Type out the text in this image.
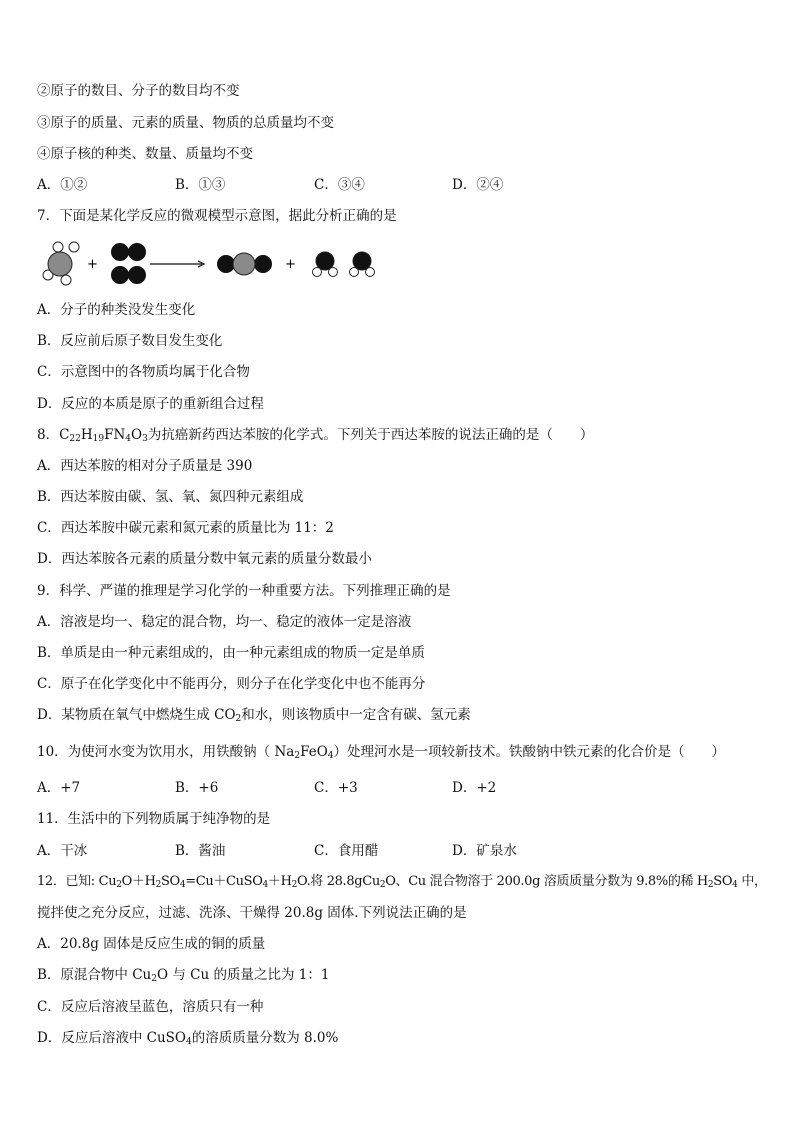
②原子的数目、分子的数目均不变
③原子的质量、元素的质量、物质的总质量均不变
④原子核的种类、数量、质量均不变
A．①②	B．①③	C．③④	D．②④
7．下面是某化学反应的微观模型示意图，据此分析正确的是
+	+
A．分子的种类没发生变化
B．反应前后原子数目发生变化
C．示意图中的各物质均属于化合物
D．反应的本质是原子的重新组合过程
8．$C_{22}H_{19}FN_4O_3$为抗癌新药西达苯胺的化学式。下列关于西达苯胺的说法正确的是（　　）
A．西达苯胺的相对分子质量是 390
B．西达苯胺由碳、氢、氧、氮四种元素组成
C．西达苯胺中碳元素和氮元素的质量比为 11：2
D．西达苯胺各元素的质量分数中氧元素的质量分数最小
9．科学、严谨的推理是学习化学的一种重要方法。下列推理正确的是
A．溶液是均一、稳定的混合物，均一、稳定的液体一定是溶液
B．单质是由一种元素组成的，由一种元素组成的物质一定是单质
C．原子在化学变化中不能再分，则分子在化学变化中也不能再分
D．某物质在氧气中燃烧生成 $CO_2$和水，则该物质中一定含有碳、氢元素
10．为使河水变为饮用水，用铁酸钠（ $Na_2FeO_4$）处理河水是一项较新技术。铁酸钠中铁元素的化合价是（　　）
A．+7	B．+6	C．+3	D．+2
11．生活中的下列物质属于纯净物的是
A．干冰	B．酱油	C．食用醋	D．矿泉水
12．已知: $Cu_2O+H_2SO_4=Cu+CuSO_4+H_2O$.将 28.8gCu$_2$O、Cu 混合物溶于 200.0g 溶质质量分数为 9.8%的稀 $H_2SO_4$ 中，
搅拌使之充分反应，过滤、洗涤、干燥得 20.8g 固体.下列说法正确的是
A．20.8g 固体是反应生成的铜的质量
B．原混合物中 $Cu_2O$ 与 Cu 的质量之比为 1：1
C．反应后溶液呈蓝色，溶质只有一种
D．反应后溶液中 CuSO$_4$的溶质质量分数为 8.0%
